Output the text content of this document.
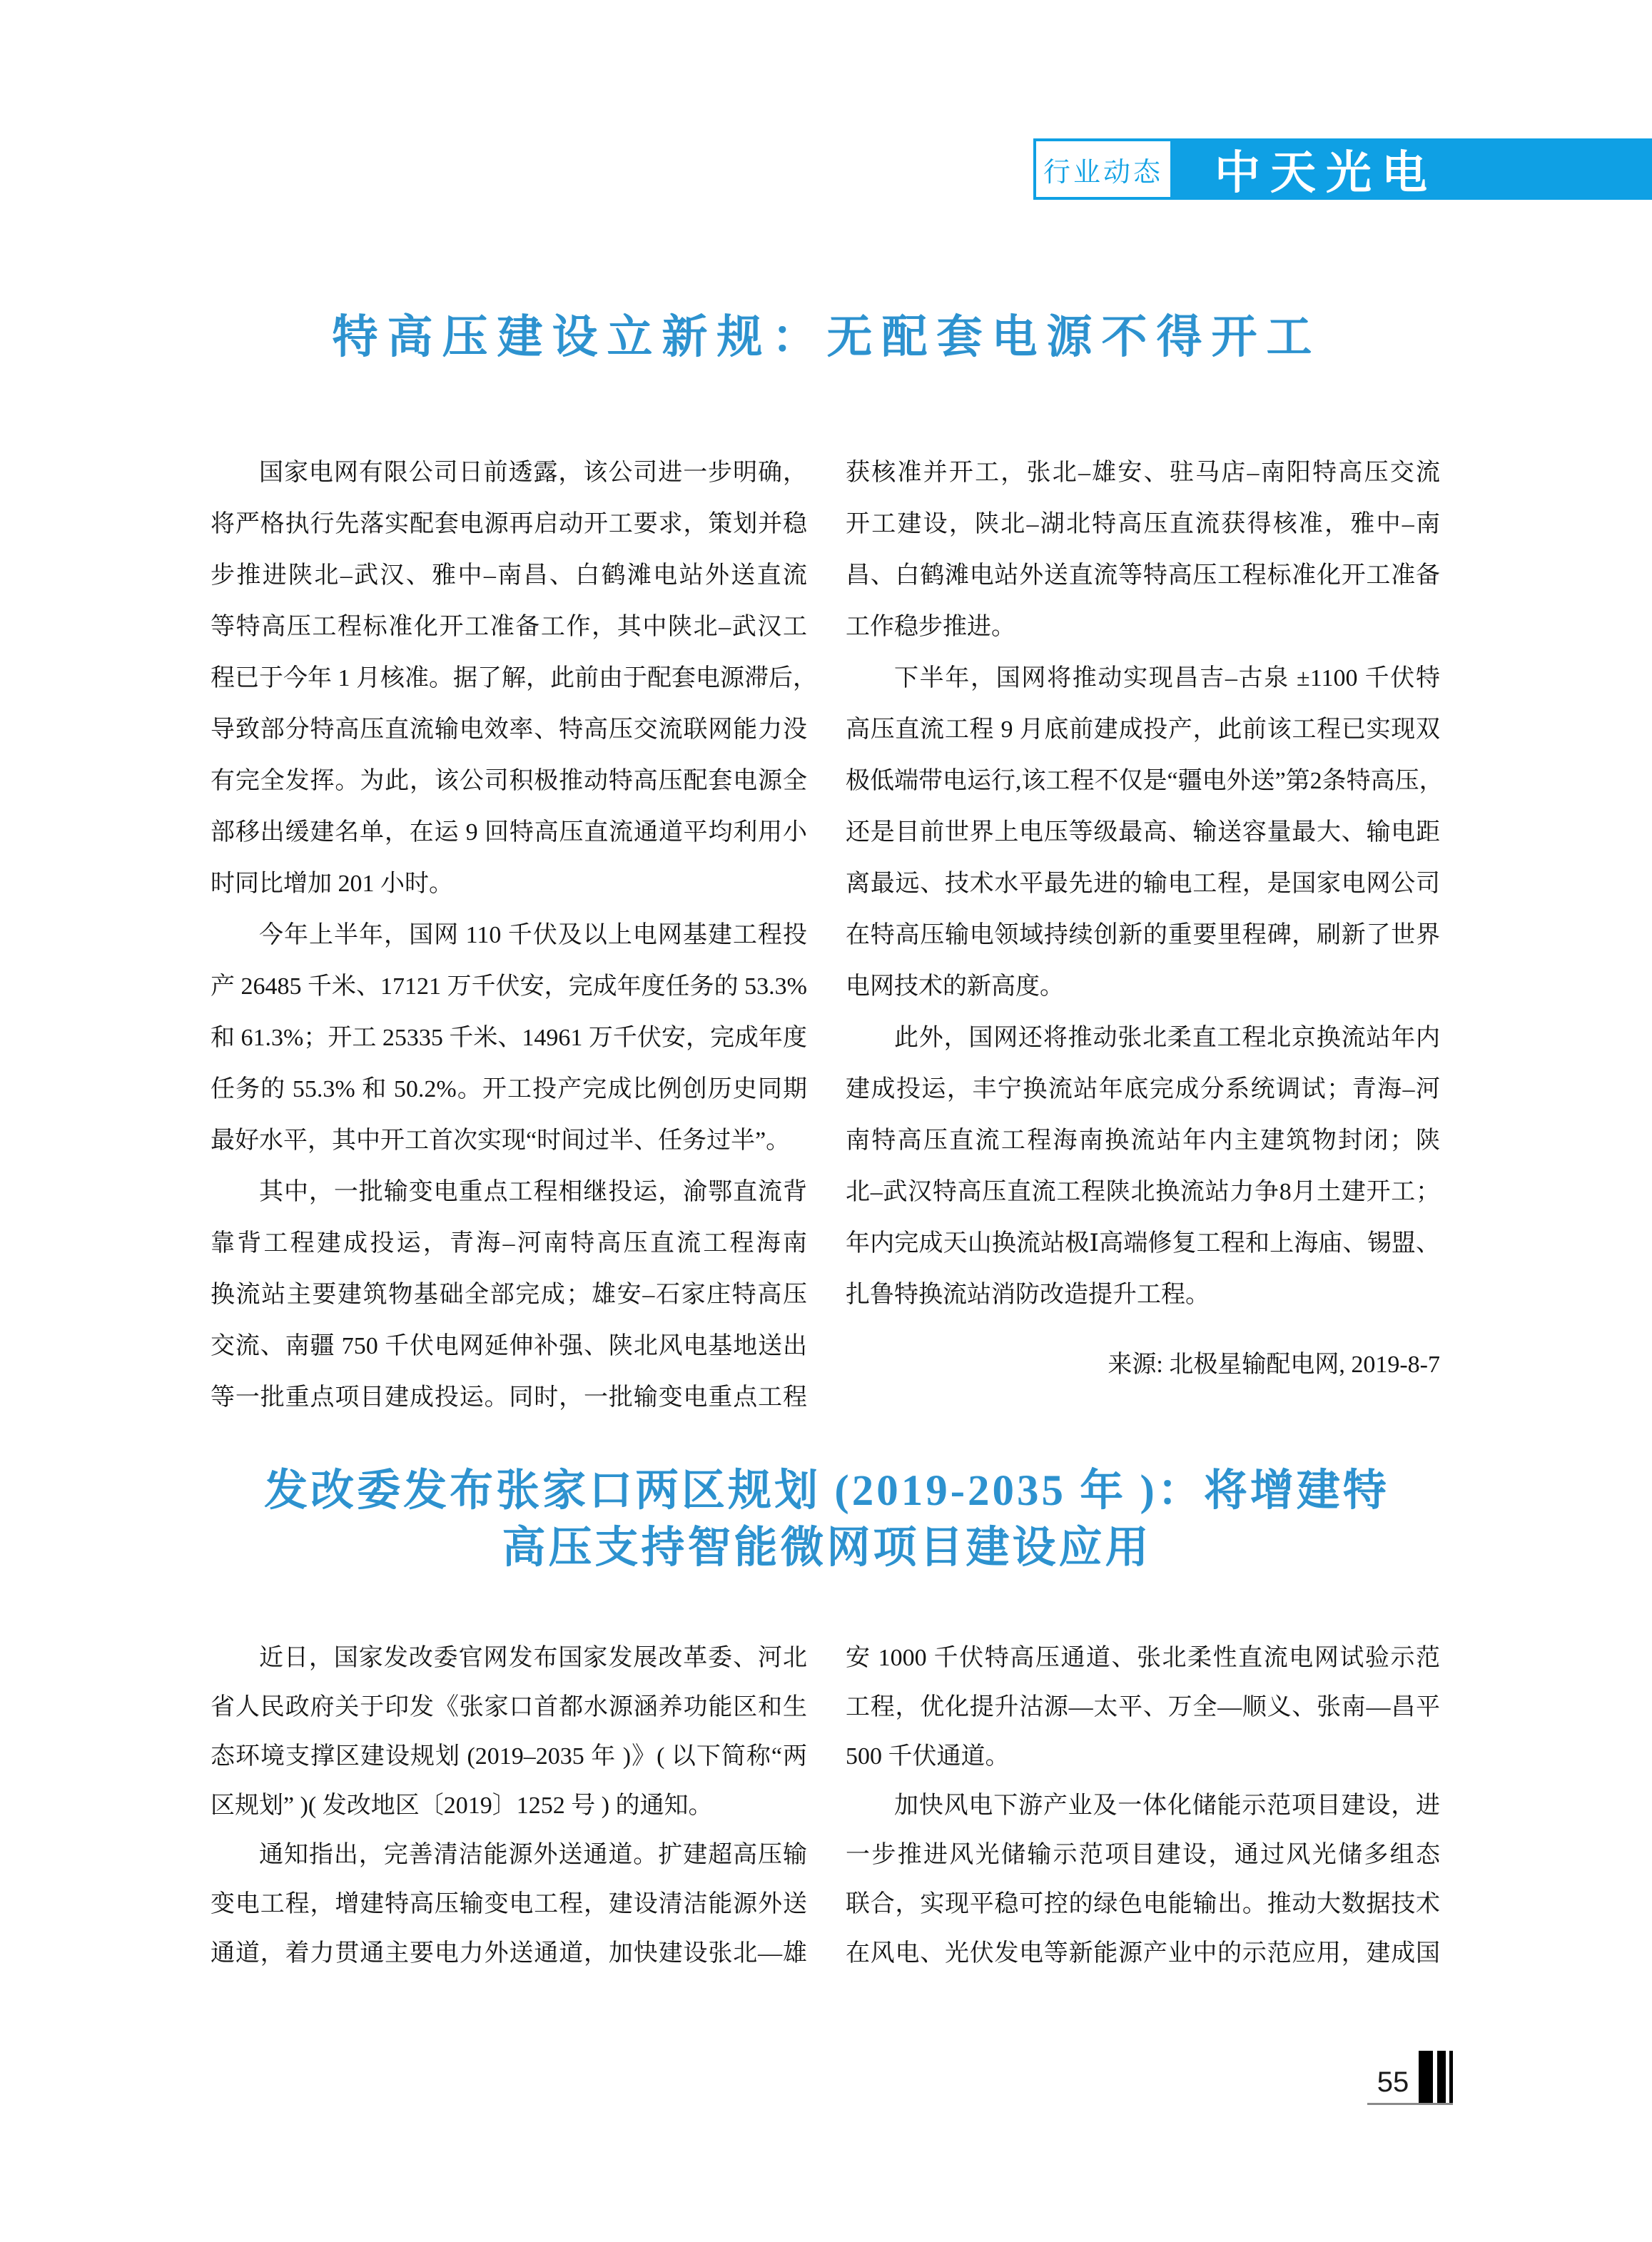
行业动态	中天光电
特高压建设立新规：无配套电源不得开工
国家电网有限公司日前透露，该公司进一步明确，
将严格执行先落实配套电源再启动开工要求，策划并稳
步推进陕北–武汉、雅中–南昌、白鹤滩电站外送直流
等特高压工程标准化开工准备工作，其中陕北–武汉工
程已于今年 1 月核准。据了解，此前由于配套电源滞后，
导致部分特高压直流输电效率、特高压交流联网能力没
有完全发挥。为此，该公司积极推动特高压配套电源全
部移出缓建名单，在运 9 回特高压直流通道平均利用小
时同比增加 201 小时。
今年上半年，国网 110 千伏及以上电网基建工程投
产 26485 千米、17121 万千伏安，完成年度任务的 53.3%
和 61.3%；开工 25335 千米、14961 万千伏安，完成年度
任务的 55.3% 和 50.2%。开工投产完成比例创历史同期
最好水平，其中开工首次实现“时间过半、任务过半”。
其中，一批输变电重点工程相继投运，渝鄂直流背
靠背工程建成投运，青海–河南特高压直流工程海南
换流站主要建筑物基础全部完成；雄安–石家庄特高压
交流、南疆 750 千伏电网延伸补强、陕北风电基地送出
等一批重点项目建成投运。同时，一批输变电重点工程
获核准并开工，张北–雄安、驻马店–南阳特高压交流
开工建设，陕北–湖北特高压直流获得核准，雅中–南
昌、白鹤滩电站外送直流等特高压工程标准化开工准备
工作稳步推进。
下半年，国网将推动实现昌吉–古泉 ±1100 千伏特
高压直流工程 9 月底前建成投产，此前该工程已实现双
极低端带电运行,该工程不仅是“疆电外送”第2条特高压，
还是目前世界上电压等级最高、输送容量最大、输电距
离最远、技术水平最先进的输电工程，是国家电网公司
在特高压输电领域持续创新的重要里程碑，刷新了世界
电网技术的新高度。
此外，国网还将推动张北柔直工程北京换流站年内
建成投运，丰宁换流站年底完成分系统调试；青海–河
南特高压直流工程海南换流站年内主建筑物封闭；陕
北–武汉特高压直流工程陕北换流站力争8月土建开工；
年内完成天山换流站极Ⅰ高端修复工程和上海庙、锡盟、
扎鲁特换流站消防改造提升工程。
来源: 北极星输配电网, 2019-8-7
发改委发布张家口两区规划 (2019-2035 年 )：将增建特
高压支持智能微网项目建设应用
近日，国家发改委官网发布国家发展改革委、河北
省人民政府关于印发《张家口首都水源涵养功能区和生
态环境支撑区建设规划 (2019–2035 年 )》( 以下简称“两
区规划” )( 发改地区〔2019〕1252 号 ) 的通知。
通知指出，完善清洁能源外送通道。扩建超高压输
变电工程，增建特高压输变电工程，建设清洁能源外送
通道，着力贯通主要电力外送通道，加快建设张北—雄
安 1000 千伏特高压通道、张北柔性直流电网试验示范
工程，优化提升沽源—太平、万全—顺义、张南—昌平
500 千伏通道。
加快风电下游产业及一体化储能示范项目建设，进
一步推进风光储输示范项目建设，通过风光储多组态
联合，实现平稳可控的绿色电能输出。推动大数据技术
在风电、光伏发电等新能源产业中的示范应用，建成国
55
